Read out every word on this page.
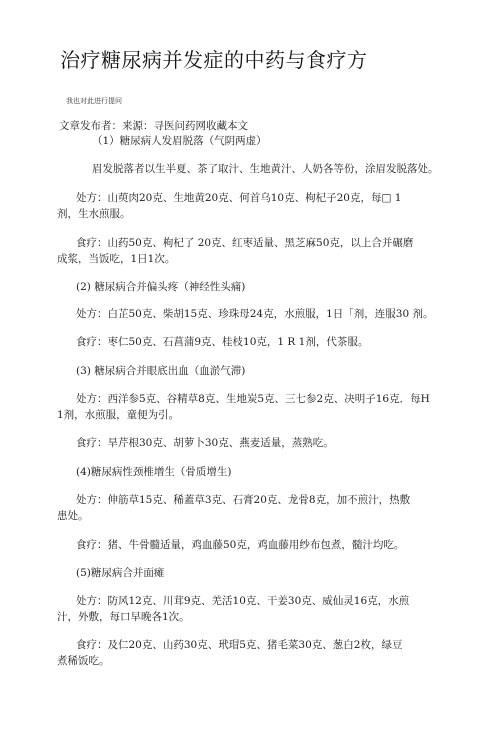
治疗糖尿病并发症的中药与食疗方
我也对此进行提问
文章发布者：来源：寻医问药网收藏本文
（1）糖尿病人发眉脱落（气阴两虚）
眉发脱落者以生半夏、茶了取汁、生地黄汁、人奶各等份，涂眉发脱落处。
处方：山萸肉20克、生地黄20克、何首乌10克、枸杞子20克，每□ 1
剂，生水煎服。
食疗：山药50克、枸杞了 20克、红枣适量、黑芝麻50克，以上合并碾磨
成浆，当饭吃，1日1次。
(2) 糖尿病合并偏头疼（神经性头痛)
处方：白芷50克、柴胡15克、珍珠母24克，水煎服，1日「剂，连服30 剂。
食疗：枣仁50克、石菖蒲9克、桂枝10克，1 R 1剂，代茶服。
(3) 糖尿病合并眼底出血（血淤气滞)
处方：西洋参5克、谷精草8克、生地炭5克、三七参2克、决明子16克．每H
1剂，水煎服，童便为引。
食疗：旱芹根30克、胡萝卜30克、燕麦适量，蒸熟吃。
(4)糖尿病性颈椎增生（骨质增生)
处方：伸筋草15克、稀蓋草3克、石膏20克、龙骨8克，加不煎汁，热敷
患处。
食疗：猪、牛骨髓适量，鸡血藤50克，鸡血藤用纱布包煮，髓汁均吃。
(5)糖尿病合并面瘫
处方：防风12克、川茸9克、羌活10克、干姜30克、威仙灵16克，水煎
汁，外敷，每口早晚各1次。
食疗：及仁20克、山药30克、玳瑁5克、猪毛菜30克、葱白2枚，绿豆
煮稀饭吃。
